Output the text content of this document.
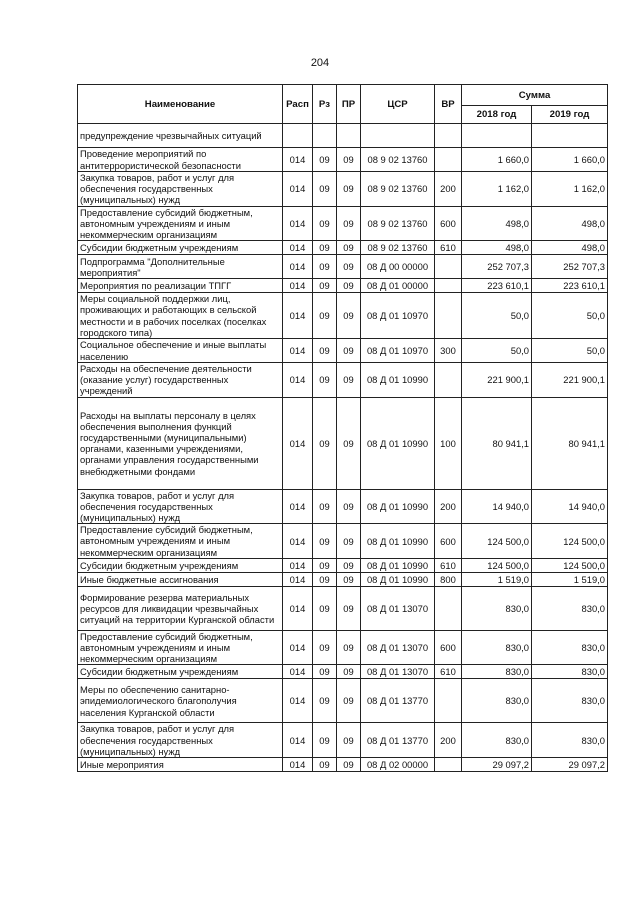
204
Наименование	Расп	Рз	ПР	ЦСР	ВР	Сумма	
						2018 год	2019 год
предупреждение чрезвычайных ситуаций							
Проведение мероприятий по антитеррористической безопасности	014	09	09	08 9 02 13760		1 660,0	1 660,0
Закупка товаров, работ и услуг для обеспечения государственных (муниципальных) нужд	014	09	09	08 9 02 13760	200	1 162,0	1 162,0
Предоставление субсидий бюджетным, автономным учреждениям и иным некоммерческим организациям	014	09	09	08 9 02 13760	600	498,0	498,0
Субсидии бюджетным учреждениям	014	09	09	08 9 02 13760	610	498,0	498,0
Подпрограмма "Дополнительные мероприятия"	014	09	09	08 Д 00 00000		252 707,3	252 707,3
Мероприятия по реализации ТПГГ	014	09	09	08 Д 01 00000		223 610,1	223 610,1
Меры социальной поддержки лиц, проживающих и работающих в сельской местности и в рабочих поселках (поселках городского типа)	014	09	09	08 Д 01 10970		50,0	50,0
Социальное обеспечение и иные выплаты населению	014	09	09	08 Д 01 10970	300	50,0	50,0
Расходы на обеспечение деятельности (оказание услуг) государственных учреждений	014	09	09	08 Д 01 10990		221 900,1	221 900,1
Расходы на выплаты персоналу в целях обеспечения выполнения функций государственными (муниципальными) органами, казенными учреждениями, органами управления государственными внебюджетными фондами	014	09	09	08 Д 01 10990	100	80 941,1	80 941,1
Закупка товаров, работ и услуг для обеспечения государственных (муниципальных) нужд	014	09	09	08 Д 01 10990	200	14 940,0	14 940,0
Предоставление субсидий бюджетным, автономным учреждениям и иным некоммерческим организациям	014	09	09	08 Д 01 10990	600	124 500,0	124 500,0
Субсидии бюджетным учреждениям	014	09	09	08 Д 01 10990	610	124 500,0	124 500,0
Иные бюджетные ассигнования	014	09	09	08 Д 01 10990	800	1 519,0	1 519,0
Формирование резерва материальных ресурсов для ликвидации чрезвычайных ситуаций на территории Курганской области	014	09	09	08 Д 01 13070		830,0	830,0
Предоставление субсидий бюджетным, автономным учреждениям и иным некоммерческим организациям	014	09	09	08 Д 01 13070	600	830,0	830,0
Субсидии бюджетным учреждениям	014	09	09	08 Д 01 13070	610	830,0	830,0
Меры по обеспечению санитарно-эпидемиологического благополучия населения Курганской области	014	09	09	08 Д 01 13770		830,0	830,0
Закупка товаров, работ и услуг для обеспечения государственных (муниципальных) нужд	014	09	09	08 Д 01 13770	200	830,0	830,0
Иные мероприятия	014	09	09	08 Д 02 00000		29 097,2	29 097,2
